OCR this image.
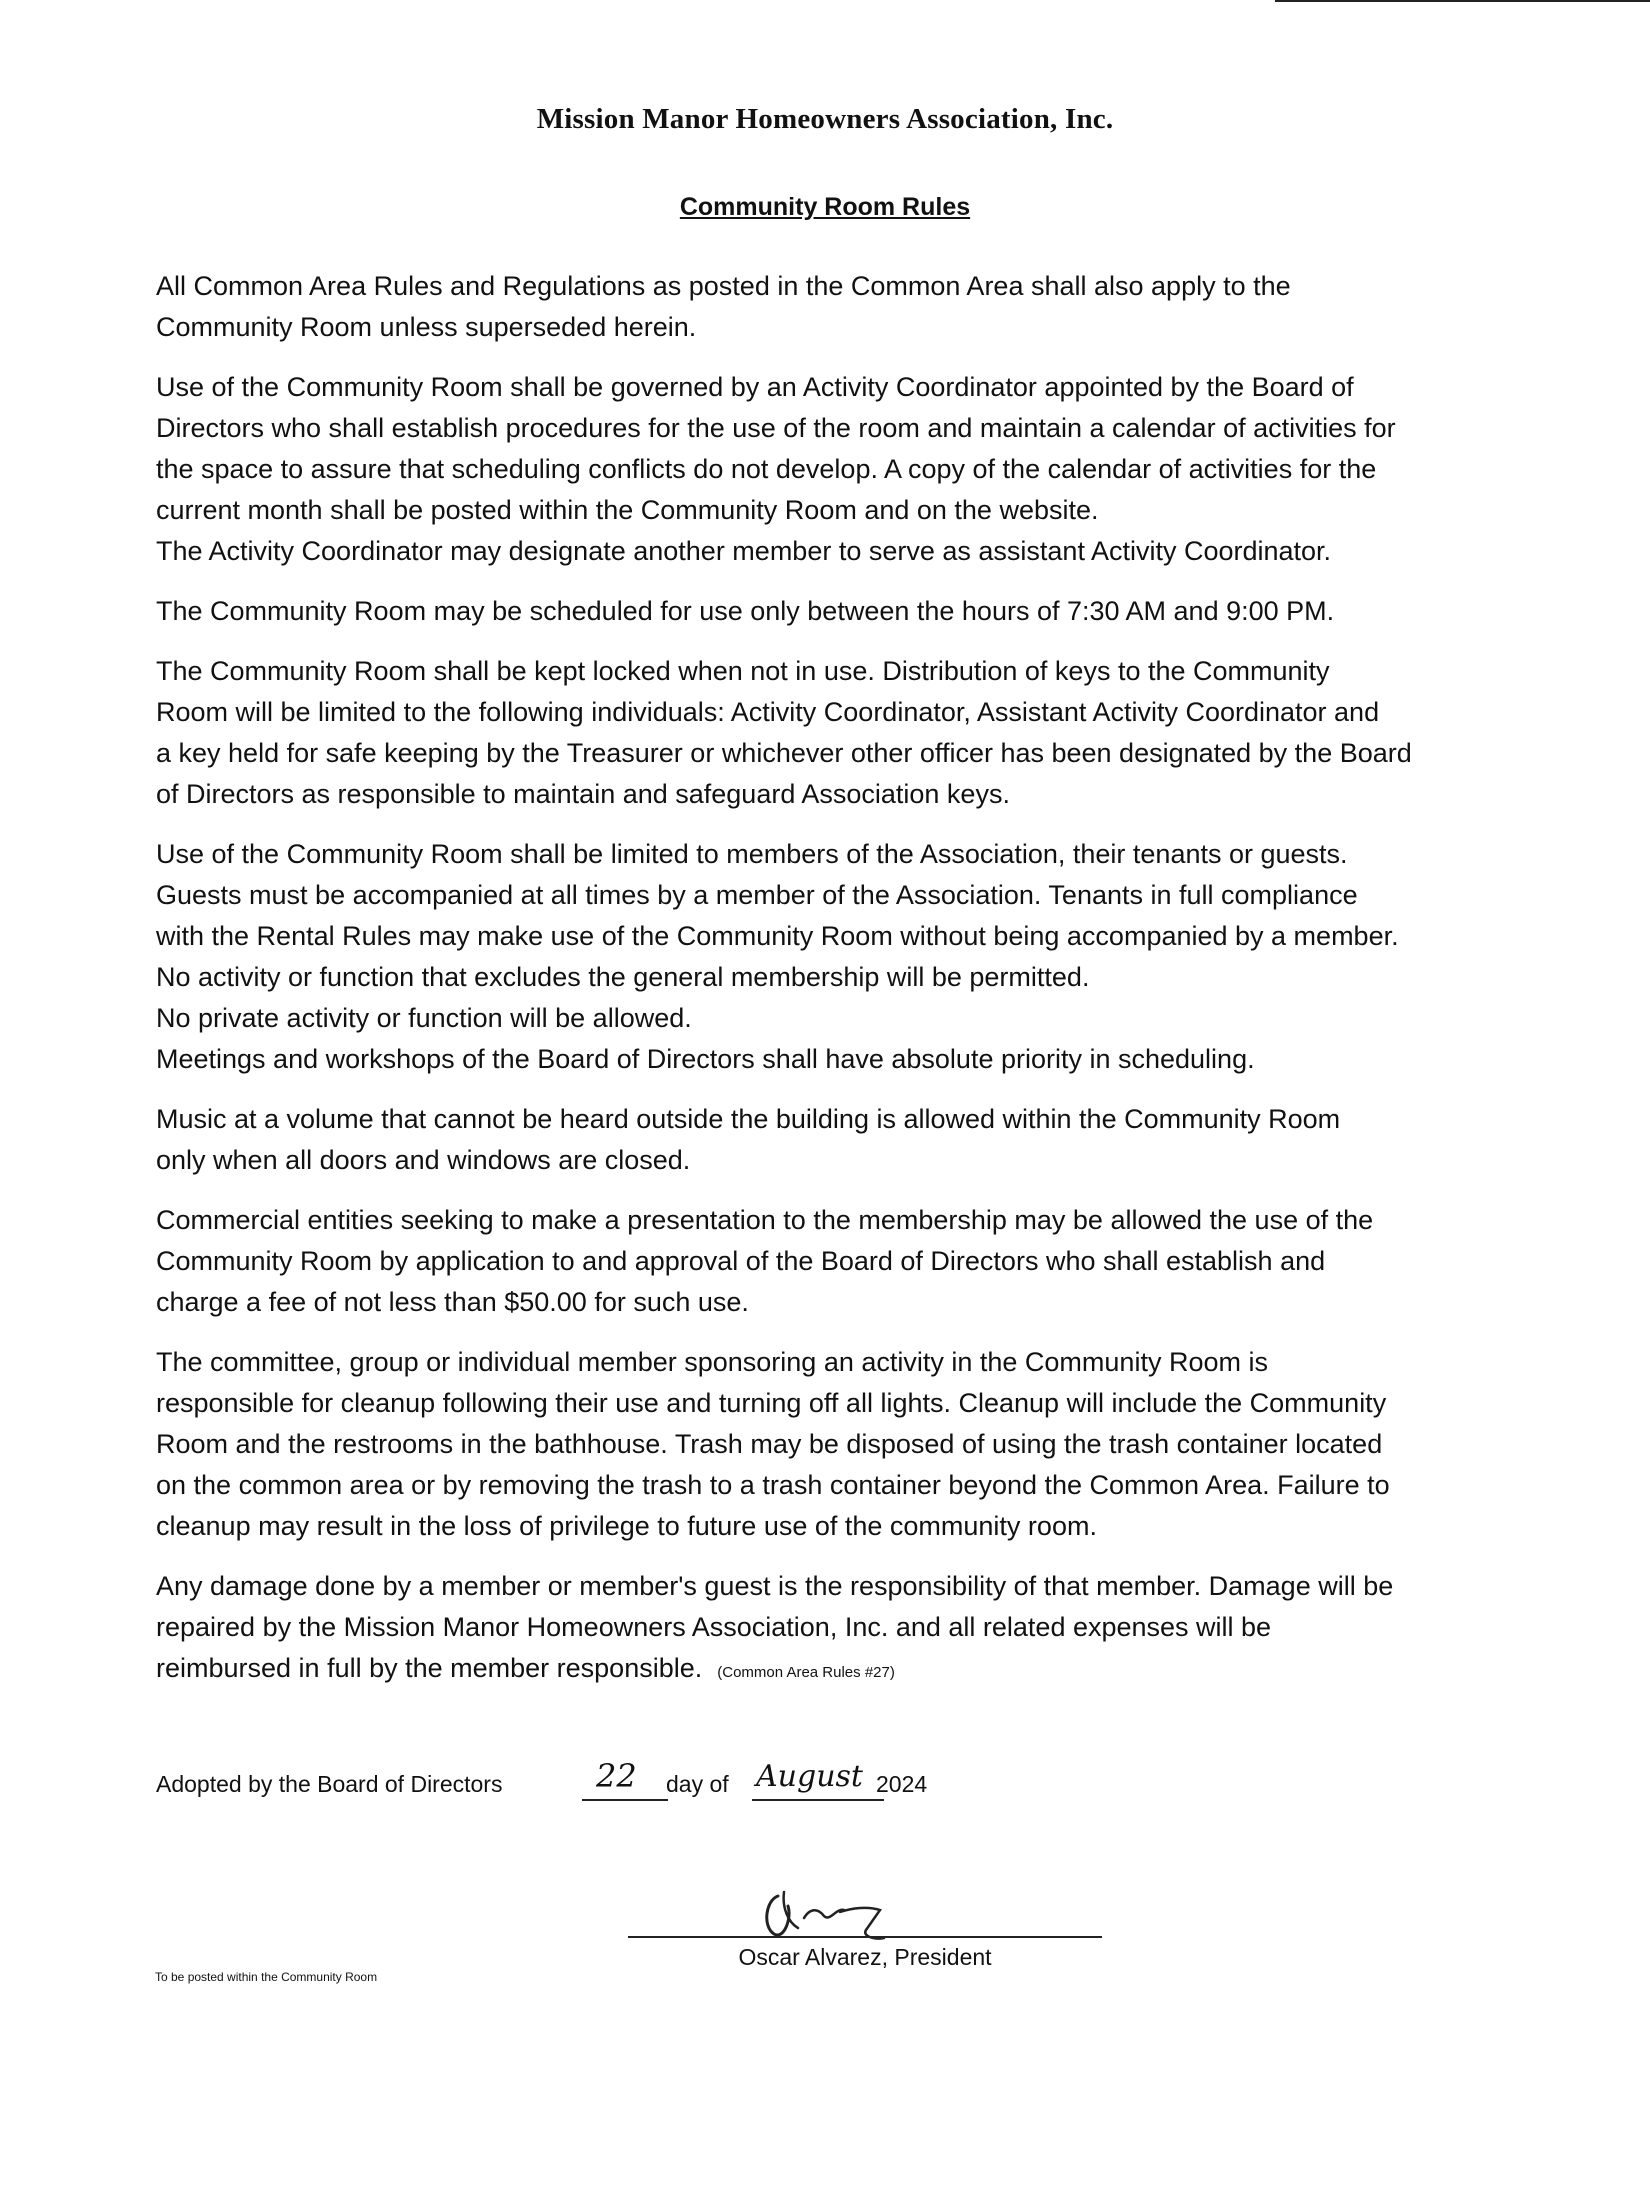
Mission Manor Homeowners Association, Inc.
Community Room Rules

All Common Area Rules and Regulations as posted in the Common Area shall also apply to the
Community Room unless superseded herein.

Use of the Community Room shall be governed by an Activity Coordinator appointed by the Board of
Directors who shall establish procedures for the use of the room and maintain a calendar of activities for
the space to assure that scheduling conflicts do not develop. A copy of the calendar of activities for the
current month shall be posted within the Community Room and on the website.
The Activity Coordinator may designate another member to serve as assistant Activity Coordinator.

The Community Room may be scheduled for use only between the hours of 7:30 AM and 9:00 PM.

The Community Room shall be kept locked when not in use. Distribution of keys to the Community
Room will be limited to the following individuals: Activity Coordinator, Assistant Activity Coordinator and
a key held for safe keeping by the Treasurer or whichever other officer has been designated by the Board
of Directors as responsible to maintain and safeguard Association keys.

Use of the Community Room shall be limited to members of the Association, their tenants or guests.
Guests must be accompanied at all times by a member of the Association. Tenants in full compliance
with the Rental Rules may make use of the Community Room without being accompanied by a member.
No activity or function that excludes the general membership will be permitted.
No private activity or function will be allowed.
Meetings and workshops of the Board of Directors shall have absolute priority in scheduling.

Music at a volume that cannot be heard outside the building is allowed within the Community Room
only when all doors and windows are closed.

Commercial entities seeking to make a presentation to the membership may be allowed the use of the
Community Room by application to and approval of the Board of Directors who shall establish and
charge a fee of not less than $50.00 for such use.

The committee, group or individual member sponsoring an activity in the Community Room is
responsible for cleanup following their use and turning off all lights. Cleanup will include the Community
Room and the restrooms in the bathhouse. Trash may be disposed of using the trash container located
on the common area or by removing the trash to a trash container beyond the Common Area. Failure to
cleanup may result in the loss of privilege to future use of the community room.

Any damage done by a member or member's guest is the responsibility of that member. Damage will be
repaired by the Mission Manor Homeowners Association, Inc. and all related expenses will be
reimbursed in full by the member responsible. (Common Area Rules #27)

Adopted by the Board of Directors	22 day of August 2024
Oscar Alvarez, President
To be posted within the Community Room
